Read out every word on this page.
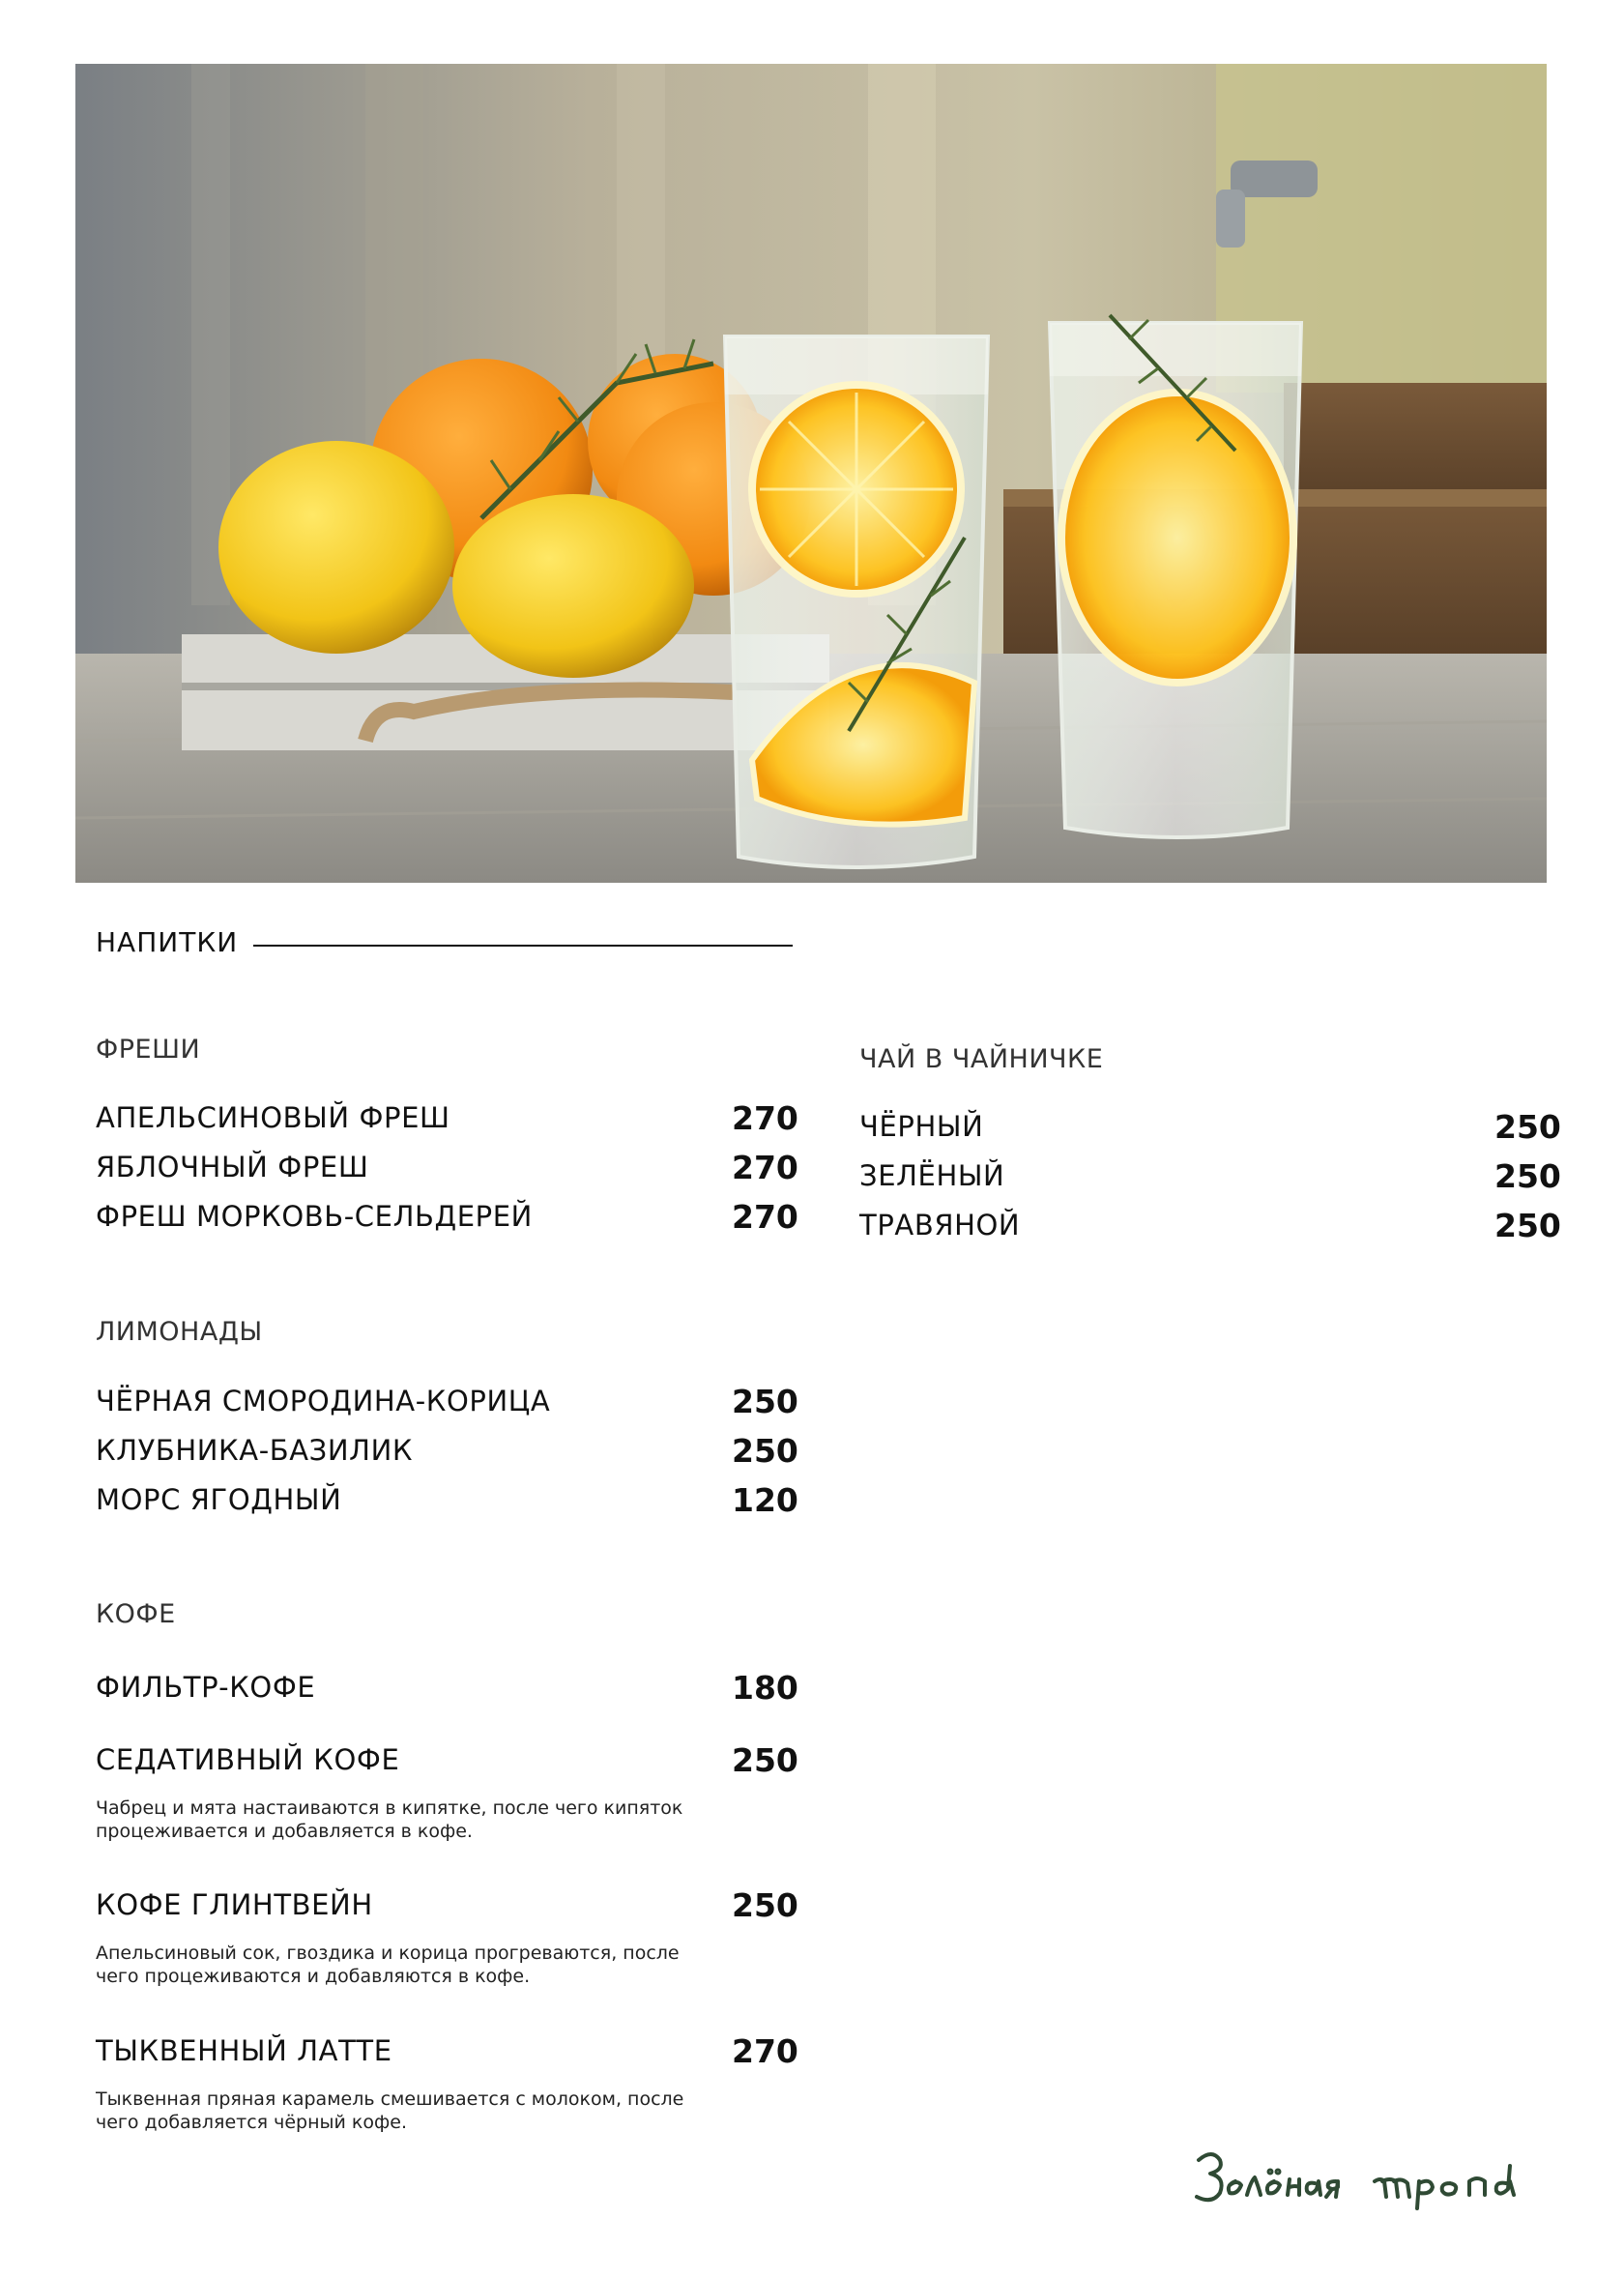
НАПИТКИ
ФРЕШИ
АПЕЛЬСИНОВЫЙ ФРЕШ	270
ЯБЛОЧНЫЙ ФРЕШ	270
ФРЕШ МОРКОВЬ-СЕЛЬДЕРЕЙ	270
ЛИМОНАДЫ
ЧЁРНАЯ СМОРОДИНА-КОРИЦА	250
КЛУБНИКА-БАЗИЛИК	250
МОРС ЯГОДНЫЙ	120
КОФЕ
ФИЛЬТР-КОФЕ	180
СЕДАТИВНЫЙ КОФЕ	250
Чабрец и мята настаиваются в кипятке, после чего кипяток процеживается и добавляется в кофе.
КОФЕ ГЛИНТВЕЙН	250
Апельсиновый сок, гвоздика и корица прогреваются, после чего процеживаются и добавляются в кофе.
ТЫКВЕННЫЙ ЛАТТЕ	270
Тыквенная пряная карамель смешивается с молоком, после чего добавляется чёрный кофе.
ЧАЙ В ЧАЙНИЧКЕ
ЧЁРНЫЙ	250
ЗЕЛЁНЫЙ	250
ТРАВЯНОЙ	250
